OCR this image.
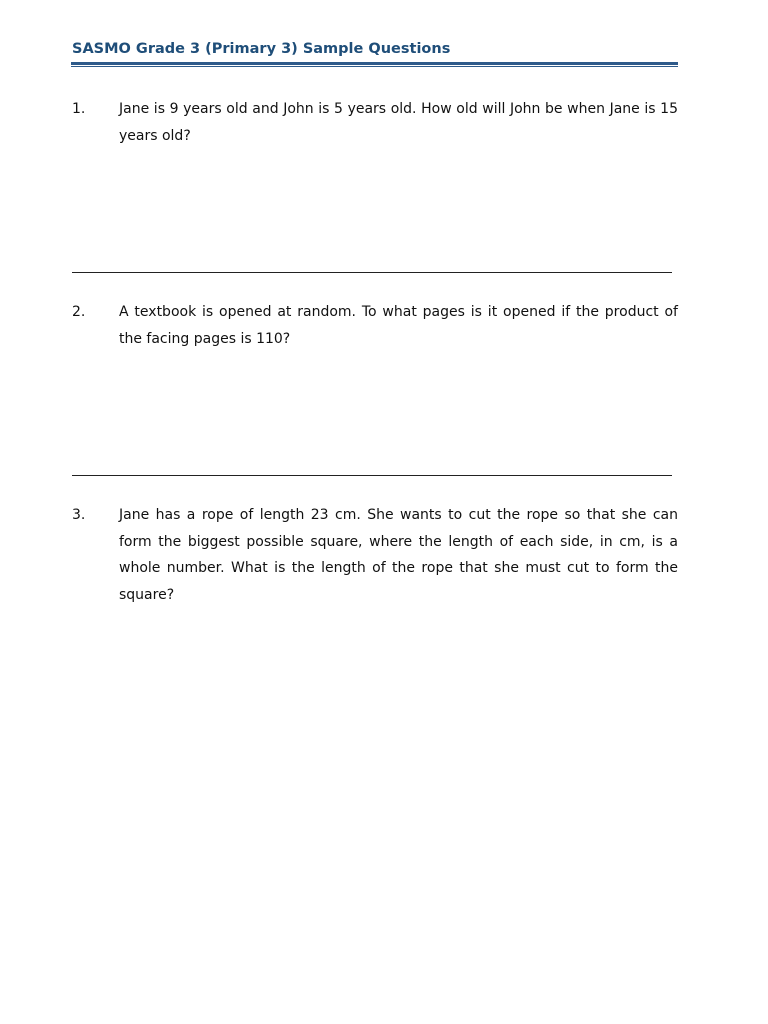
SASMO Grade 3 (Primary 3) Sample Questions
1. Jane is 9 years old and John is 5 years old. How old will John be when Jane is 15 years old?
2. A textbook is opened at random. To what pages is it opened if the product of the facing pages is 110?
3. Jane has a rope of length 23 cm. She wants to cut the rope so that she can form the biggest possible square, where the length of each side, in cm, is a whole number. What is the length of the rope that she must cut to form the square?
